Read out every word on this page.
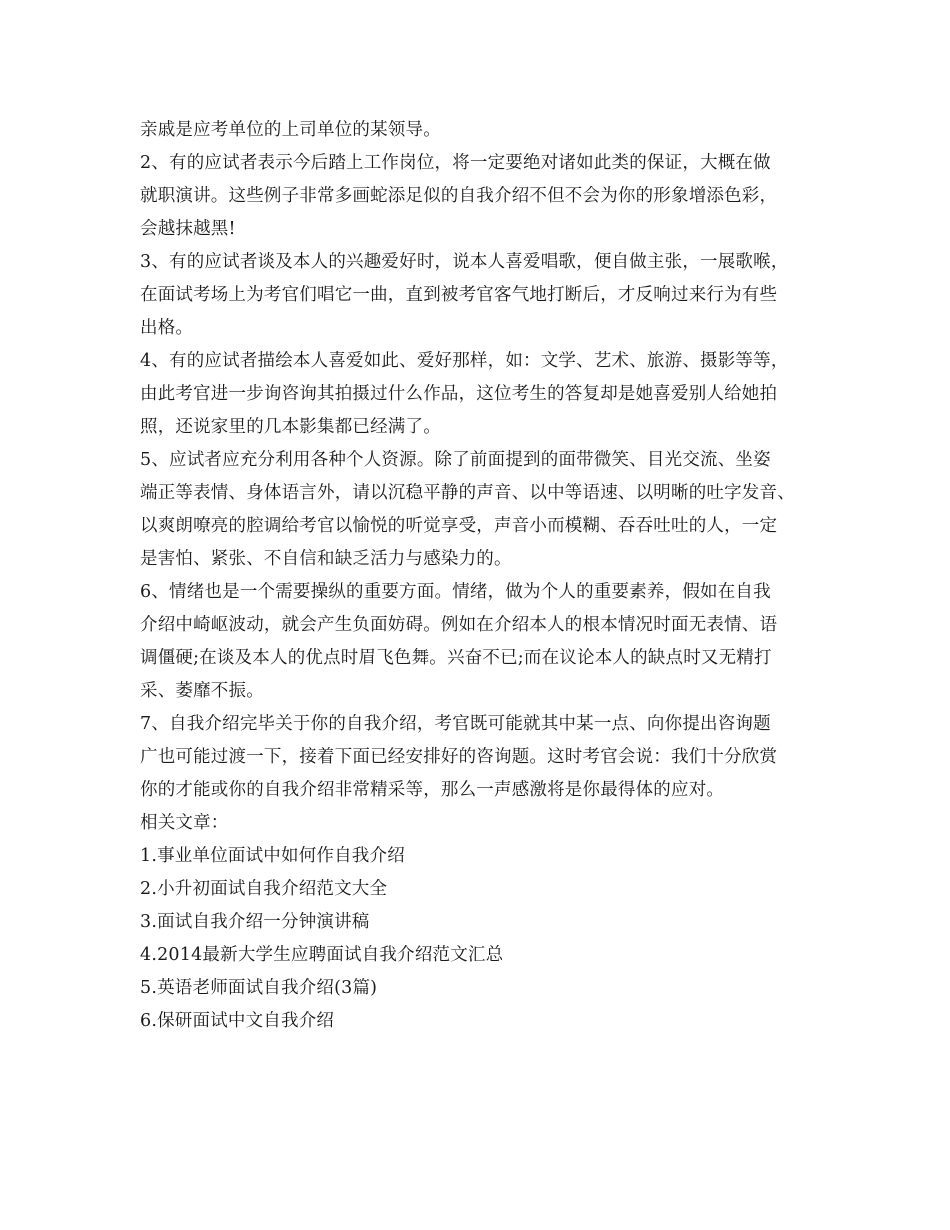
亲戚是应考单位的上司单位的某领导。
2、有的应试者表示今后踏上工作岗位，将一定要绝对诸如此类的保证，大概在做
就职演讲。这些例子非常多画蛇添足似的自我介绍不但不会为你的形象增添色彩，
会越抹越黑!
3、有的应试者谈及本人的兴趣爱好时，说本人喜爱唱歌，便自做主张，一展歌喉，
在面试考场上为考官们唱它一曲，直到被考官客气地打断后，才反响过来行为有些
出格。
4、有的应试者描绘本人喜爱如此、爱好那样，如：文学、艺术、旅游、摄影等等，
由此考官进一步询咨询其拍摄过什么作品，这位考生的答复却是她喜爱别人给她拍
照，还说家里的几本影集都已经满了。
5、应试者应充分利用各种个人资源。除了前面提到的面带微笑、目光交流、坐姿
端正等表情、身体语言外，请以沉稳平静的声音、以中等语速、以明晰的吐字发音、
以爽朗嘹亮的腔调给考官以愉悦的听觉享受，声音小而模糊、吞吞吐吐的人，一定
是害怕、紧张、不自信和缺乏活力与感染力的。
6、情绪也是一个需要操纵的重要方面。情绪，做为个人的重要素养，假如在自我
介绍中崎岖波动，就会产生负面妨碍。例如在介绍本人的根本情况时面无表情、语
调僵硬;在谈及本人的优点时眉飞色舞。兴奋不已;而在议论本人的缺点时又无精打
采、萎靡不振。
7、自我介绍完毕关于你的自我介绍，考官既可能就其中某一点、向你提出咨询题
广也可能过渡一下，接着下面已经安排好的咨询题。这时考官会说：我们十分欣赏
你的才能或你的自我介绍非常精采等，那么一声感激将是你最得体的应对。
相关文章：
1.事业单位面试中如何作自我介绍
2.小升初面试自我介绍范文大全
3.面试自我介绍一分钟演讲稿
4.2014最新大学生应聘面试自我介绍范文汇总
5.英语老师面试自我介绍(3篇)
6.保研面试中文自我介绍
